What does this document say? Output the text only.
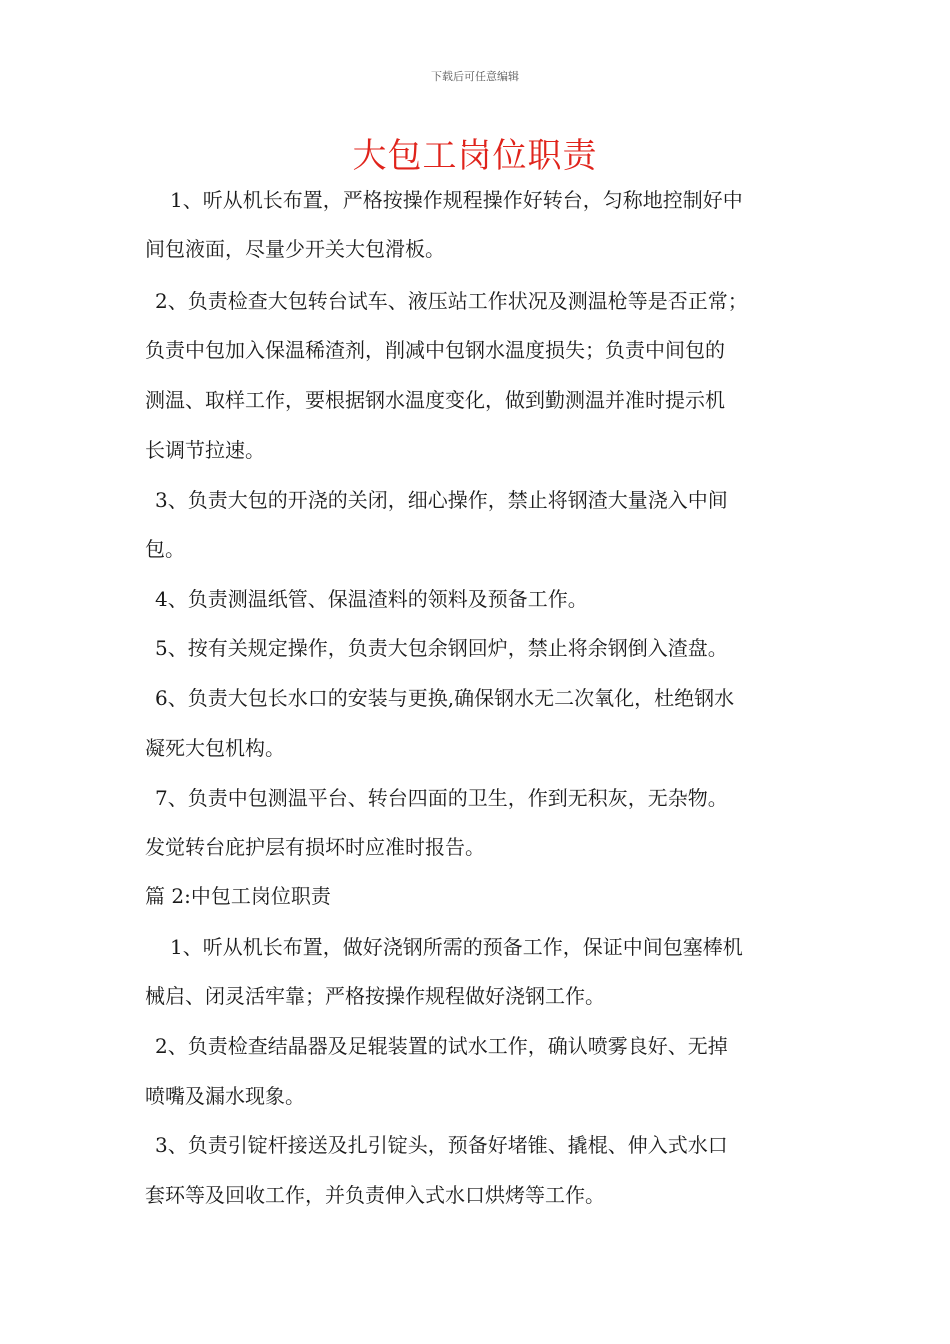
下载后可任意编辑
大包工岗位职责
1、听从机长布置，严格按操作规程操作好转台，匀称地控制好中
间包液面，尽量少开关大包滑板。
2、负责检查大包转台试车、液压站工作状况及测温枪等是否正常；
负责中包加入保温稀渣剂，削减中包钢水温度损失；负责中间包的
测温、取样工作，要根据钢水温度变化，做到勤测温并准时提示机
长调节拉速。
3、负责大包的开浇的关闭，细心操作，禁止将钢渣大量浇入中间
包。
4、负责测温纸管、保温渣料的领料及预备工作。
5、按有关规定操作，负责大包余钢回炉，禁止将余钢倒入渣盘。
6、负责大包长水口的安装与更换,确保钢水无二次氧化，杜绝钢水
凝死大包机构。
7、负责中包测温平台、转台四面的卫生，作到无积灰，无杂物。
发觉转台庇护层有损坏时应准时报告。
篇 2:中包工岗位职责
1、听从机长布置，做好浇钢所需的预备工作，保证中间包塞棒机
械启、闭灵活牢靠；严格按操作规程做好浇钢工作。
2、负责检查结晶器及足辊装置的试水工作，确认喷雾良好、无掉
喷嘴及漏水现象。
3、负责引锭杆接送及扎引锭头，预备好堵锥、撬棍、伸入式水口
套环等及回收工作，并负责伸入式水口烘烤等工作。
